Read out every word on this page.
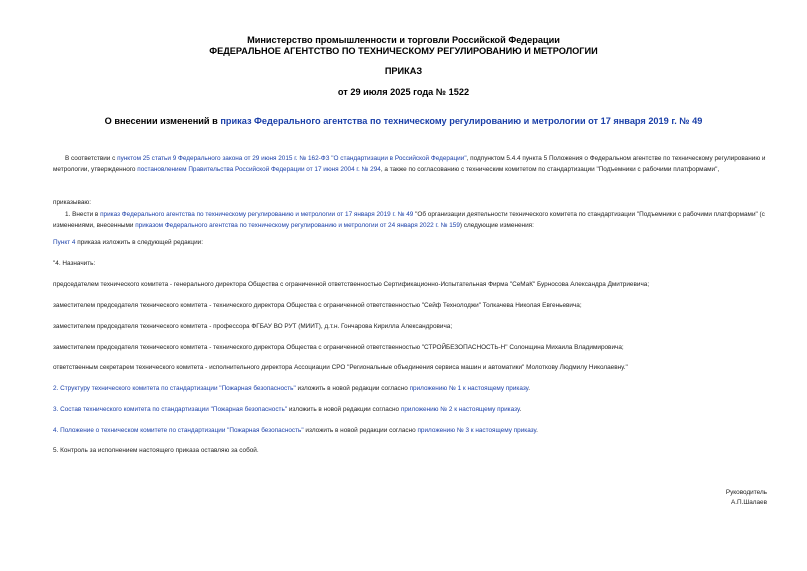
Министерство промышленности и торговли Российской Федерации
ФЕДЕРАЛЬНОЕ АГЕНТСТВО ПО ТЕХНИЧЕСКОМУ РЕГУЛИРОВАНИЮ И МЕТРОЛОГИИ
ПРИКАЗ
от 29 июля 2025 года № 1522
О внесении изменений в приказ Федерального агентства по техническому регулированию и метрологии от 17 января 2019 г. № 49
В соответствии с пунктом 25 статьи 9 Федерального закона от 29 июня 2015 г. № 162-ФЗ "О стандартизации в Российской Федерации", подпунктом 5.4.4 пункта 5 Положения о Федеральном агентстве по техническому регулированию и метрологии, утвержденного постановлением Правительства Российской Федерации от 17 июня 2004 г. № 294, а также по согласованию с техническим комитетом по стандартизации "Подъемники с рабочими платформами",
приказываю:
1. Внести в приказ Федерального агентства по техническому регулированию и метрологии от 17 января 2019 г. № 49 "Об организации деятельности технического комитета по стандартизации "Подъемники с рабочими платформами" (с изменениями, внесенными приказом Федерального агентства по техническому регулированию и метрологии от 24 января 2022 г. № 159) следующие изменения:
Пункт 4 приказа изложить в следующей редакции:
"4. Назначить:
председателем технического комитета - генерального директора Общества с ограниченной ответственностью Сертификационно-Испытательная Фирма "СеМаК" Бурносова Александра Дмитриевича;
заместителем председателя технического комитета - технического директора Общества с ограниченной ответственностью "Сейф Технолоджи" Толкачева Николая Евгеньевича;
заместителем председателя технического комитета - профессора ФГБАУ ВО РУТ (МИИТ), д.т.н. Гончарова Кирилла Александровича;
заместителем председателя технического комитета - технического директора Общества с ограниченной ответственностью "СТРОЙБЕЗОПАСНОСТЬ-Н" Солонщина Михаила Владимировича;
ответственным секретарем технического комитета - исполнительного директора Ассоциации СРО "Региональные объединения сервиса машин и автоматики" Молоткову Людмилу Николаевну."
2. Структуру технического комитета по стандартизации "Пожарная безопасность" изложить в новой редакции согласно приложению № 1 к настоящему приказу.
3. Состав технического комитета по стандартизации "Пожарная безопасность" изложить в новой редакции согласно приложению № 2 к настоящему приказу.
4. Положение о техническом комитете по стандартизации "Пожарная безопасность" изложить в новой редакции согласно приложению № 3 к настоящему приказу.
5. Контроль за исполнением настоящего приказа оставляю за собой.
Руководитель
А.П.Шалаев
